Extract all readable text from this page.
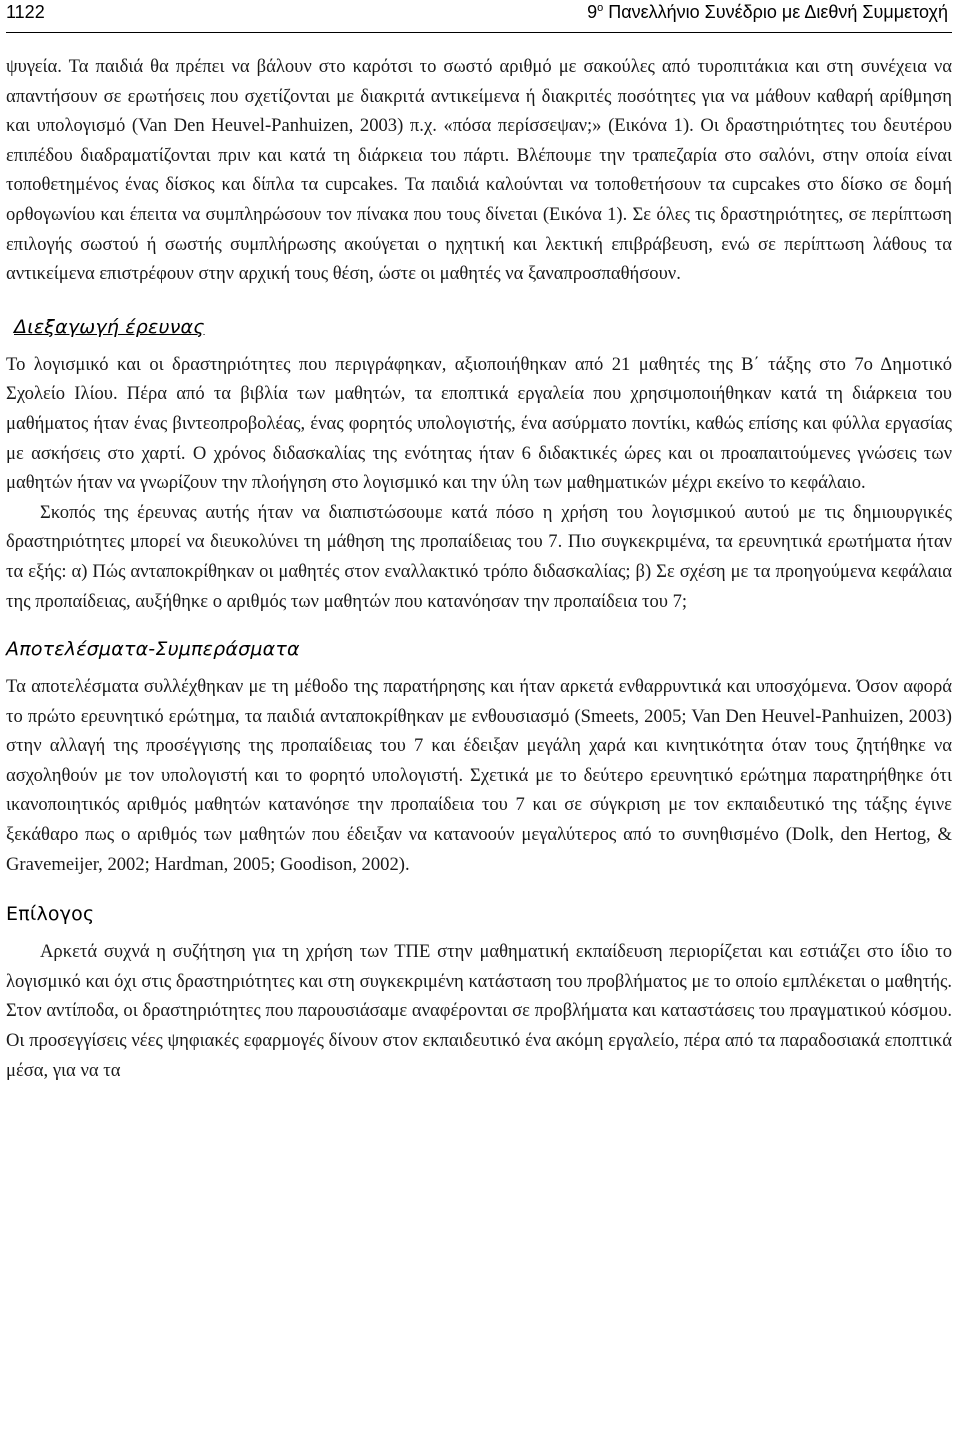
1122	$9^o$ Πανελλήνιο Συνέδριο με Διεθνή Συμμετοχή

ψυγεία. Τα παιδιά θα πρέπει να βάλουν στο καρότσι το σωστό αριθμό με σακούλες από τυροπιτάκια και στη συνέχεια να απαντήσουν σε ερωτήσεις που σχετίζονται με διακριτά αντικείμενα ή διακριτές ποσότητες για να μάθουν καθαρή αρίθμηση και υπολογισμό (Van Den Heuvel-Panhuizen, 2003) π.χ. «πόσα περίσσεψαν;» (Εικόνα 1). Οι δραστηριότητες του δευτέρου επιπέδου διαδραματίζονται πριν και κατά τη διάρκεια του πάρτι. Βλέπουμε την τραπεζαρία στο σαλόνι, στην οποία είναι τοποθετημένος ένας δίσκος και δίπλα τα cupcakes. Τα παιδιά καλούνται να τοποθετήσουν τα cupcakes στο δίσκο σε δομή ορθογωνίου και έπειτα να συμπληρώσουν τον πίνακα που τους δίνεται (Εικόνα 1). Σε όλες τις δραστηριότητες, σε περίπτωση επιλογής σωστού ή σωστής συμπλήρωσης ακούγεται ο ηχητική και λεκτική επιβράβευση, ενώ σε περίπτωση λάθους τα αντικείμενα επιστρέφουν στην αρχική τους θέση, ώστε οι μαθητές να ξαναπροσπαθήσουν.

Διεξαγωγή έρευνας

Το λογισμικό και οι δραστηριότητες που περιγράφηκαν, αξιοποιήθηκαν από 21 μαθητές της Β΄ τάξης στο 7ο Δημοτικό Σχολείο Ιλίου. Πέρα από τα βιβλία των μαθητών, τα εποπτικά εργαλεία που χρησιμοποιήθηκαν κατά τη διάρκεια του μαθήματος ήταν ένας βιντεοπροβολέας, ένας φορητός υπολογιστής, ένα ασύρματο ποντίκι, καθώς επίσης και φύλλα εργασίας με ασκήσεις στο χαρτί. Ο χρόνος διδασκαλίας της ενότητας ήταν 6 διδακτικές ώρες και οι προαπαιτούμενες γνώσεις των μαθητών ήταν να γνωρίζουν την πλοήγηση στο λογισμικό και την ύλη των μαθηματικών μέχρι εκείνο το κεφάλαιο.

Σκοπός της έρευνας αυτής ήταν να διαπιστώσουμε κατά πόσο η χρήση του λογισμικού αυτού με τις δημιουργικές δραστηριότητες μπορεί να διευκολύνει τη μάθηση της προπαίδειας του 7. Πιο συγκεκριμένα, τα ερευνητικά ερωτήματα ήταν τα εξής: α) Πώς ανταποκρίθηκαν οι μαθητές στον εναλλακτικό τρόπο διδασκαλίας; β) Σε σχέση με τα προηγούμενα κεφάλαια της προπαίδειας, αυξήθηκε ο αριθμός των μαθητών που κατανόησαν την προπαίδεια του 7;

Αποτελέσματα-Συμπεράσματα

Τα αποτελέσματα συλλέχθηκαν με τη μέθοδο της παρατήρησης και ήταν αρκετά ενθαρρυντικά και υποσχόμενα. Όσον αφορά το πρώτο ερευνητικό ερώτημα, τα παιδιά ανταποκρίθηκαν με ενθουσιασμό (Smeets, 2005; Van Den Heuvel-Panhuizen, 2003) στην αλλαγή της προσέγγισης της προπαίδειας του 7 και έδειξαν μεγάλη χαρά και κινητικότητα όταν τους ζητήθηκε να ασχοληθούν με τον υπολογιστή και το φορητό υπολογιστή. Σχετικά με το δεύτερο ερευνητικό ερώτημα παρατηρήθηκε ότι ικανοποιητικός αριθμός μαθητών κατανόησε την προπαίδεια του 7 και σε σύγκριση με τον εκπαιδευτικό της τάξης έγινε ξεκάθαρο πως ο αριθμός των μαθητών που έδειξαν να κατανοούν μεγαλύτερος από το συνηθισμένο (Dolk, den Hertog, & Gravemeijer, 2002; Hardman, 2005; Goodison, 2002).

Επίλογος

Αρκετά συχνά η συζήτηση για τη χρήση των ΤΠΕ στην μαθηματική εκπαίδευση περιορίζεται και εστιάζει στο ίδιο το λογισμικό και όχι στις δραστηριότητες και στη συγκεκριμένη κατάσταση του προβλήματος με το οποίο εμπλέκεται ο μαθητής. Στον αντίποδα, οι δραστηριότητες που παρουσιάσαμε αναφέρονται σε προβλήματα και καταστάσεις του πραγματικού κόσμου. Οι προσεγγίσεις νέες ψηφιακές εφαρμογές δίνουν στον εκπαιδευτικό ένα ακόμη εργαλείο, πέρα από τα παραδοσιακά εποπτικά μέσα, για να τα
